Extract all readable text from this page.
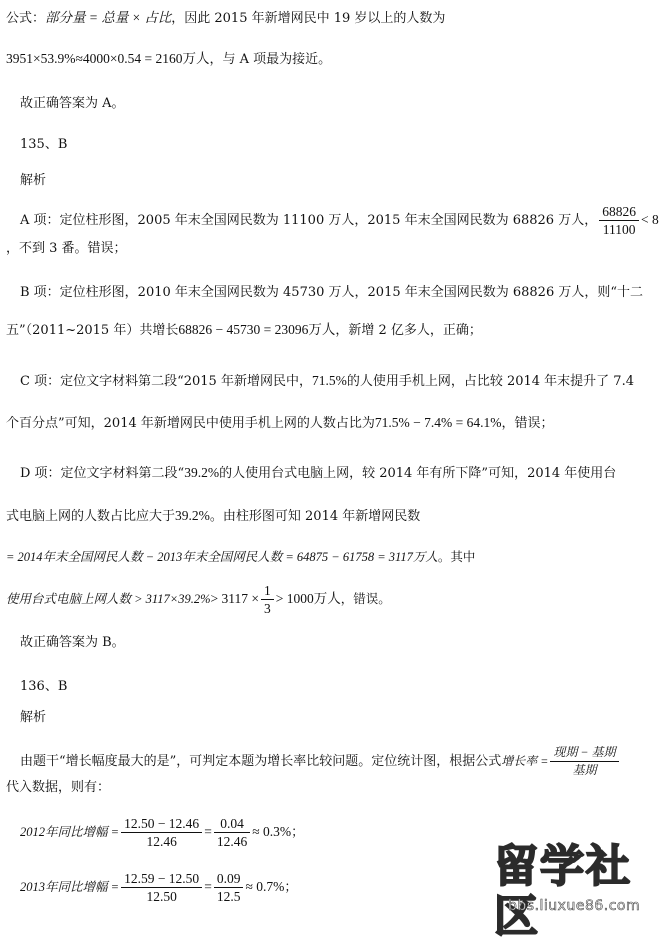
公式：部分量 = 总量 × 占比，因此 2015 年新增网民中 19 岁以上的人数为
3951×53.9%≈4000×0.54 = 2160万人，与 A 项最为接近。
故正确答案为 A。
135、B
解析
A 项：定位柱形图，2005 年末全国网民数为 11100 万人，2015 年末全国网民数为 68826 万人， $\frac{68826}{11100} < 8$
，不到 3 番。错误；
B 项：定位柱形图，2010 年末全国网民数为 45730 万人，2015 年末全国网民数为 68826 万人，则“十二
五”（2011~2015 年）共增长68826 − 45730 = 23096万人，新增 2 亿多人，正确；
C 项：定位文字材料第二段“2015 年新增网民中，71.5%的人使用手机上网，占比较 2014 年末提升了 7.4
个百分点”可知，2014 年新增网民中使用手机上网的人数占比为71.5% − 7.4% = 64.1%，错误；
D 项：定位文字材料第二段“39.2%的人使用台式电脑上网，较 2014 年有所下降”可知，2014 年使用台
式电脑上网的人数占比应大于39.2%。由柱形图可知 2014 年新增网民数
= 2014年末全国网民人数 − 2013年末全国网民人数 = 64875 − 61758 = 3117万人。其中
使用台式电脑上网人数 > $3117\times 39.2\%> 3117 \times \frac{1}{3} > 1000$万人，错误。
故正确答案为 B。
136、B
解析
由题干“增长幅度最大的是”，可判定本题为增长率比较问题。定位统计图，根据公式增长率 = $\frac{\text{现期 − 基期}}{\text{基期}}$
代入数据，则有：
2012年同比增幅 = $\frac{12.50 - 12.46}{12.46} = \frac{0.04}{12.46} \approx 0.3\%$；
2013年同比增幅 = $\frac{12.59 - 12.50}{12.50} = \frac{0.09}{12.5} \approx 0.7\%$；	留学社区
bbs.liuxue86.com
